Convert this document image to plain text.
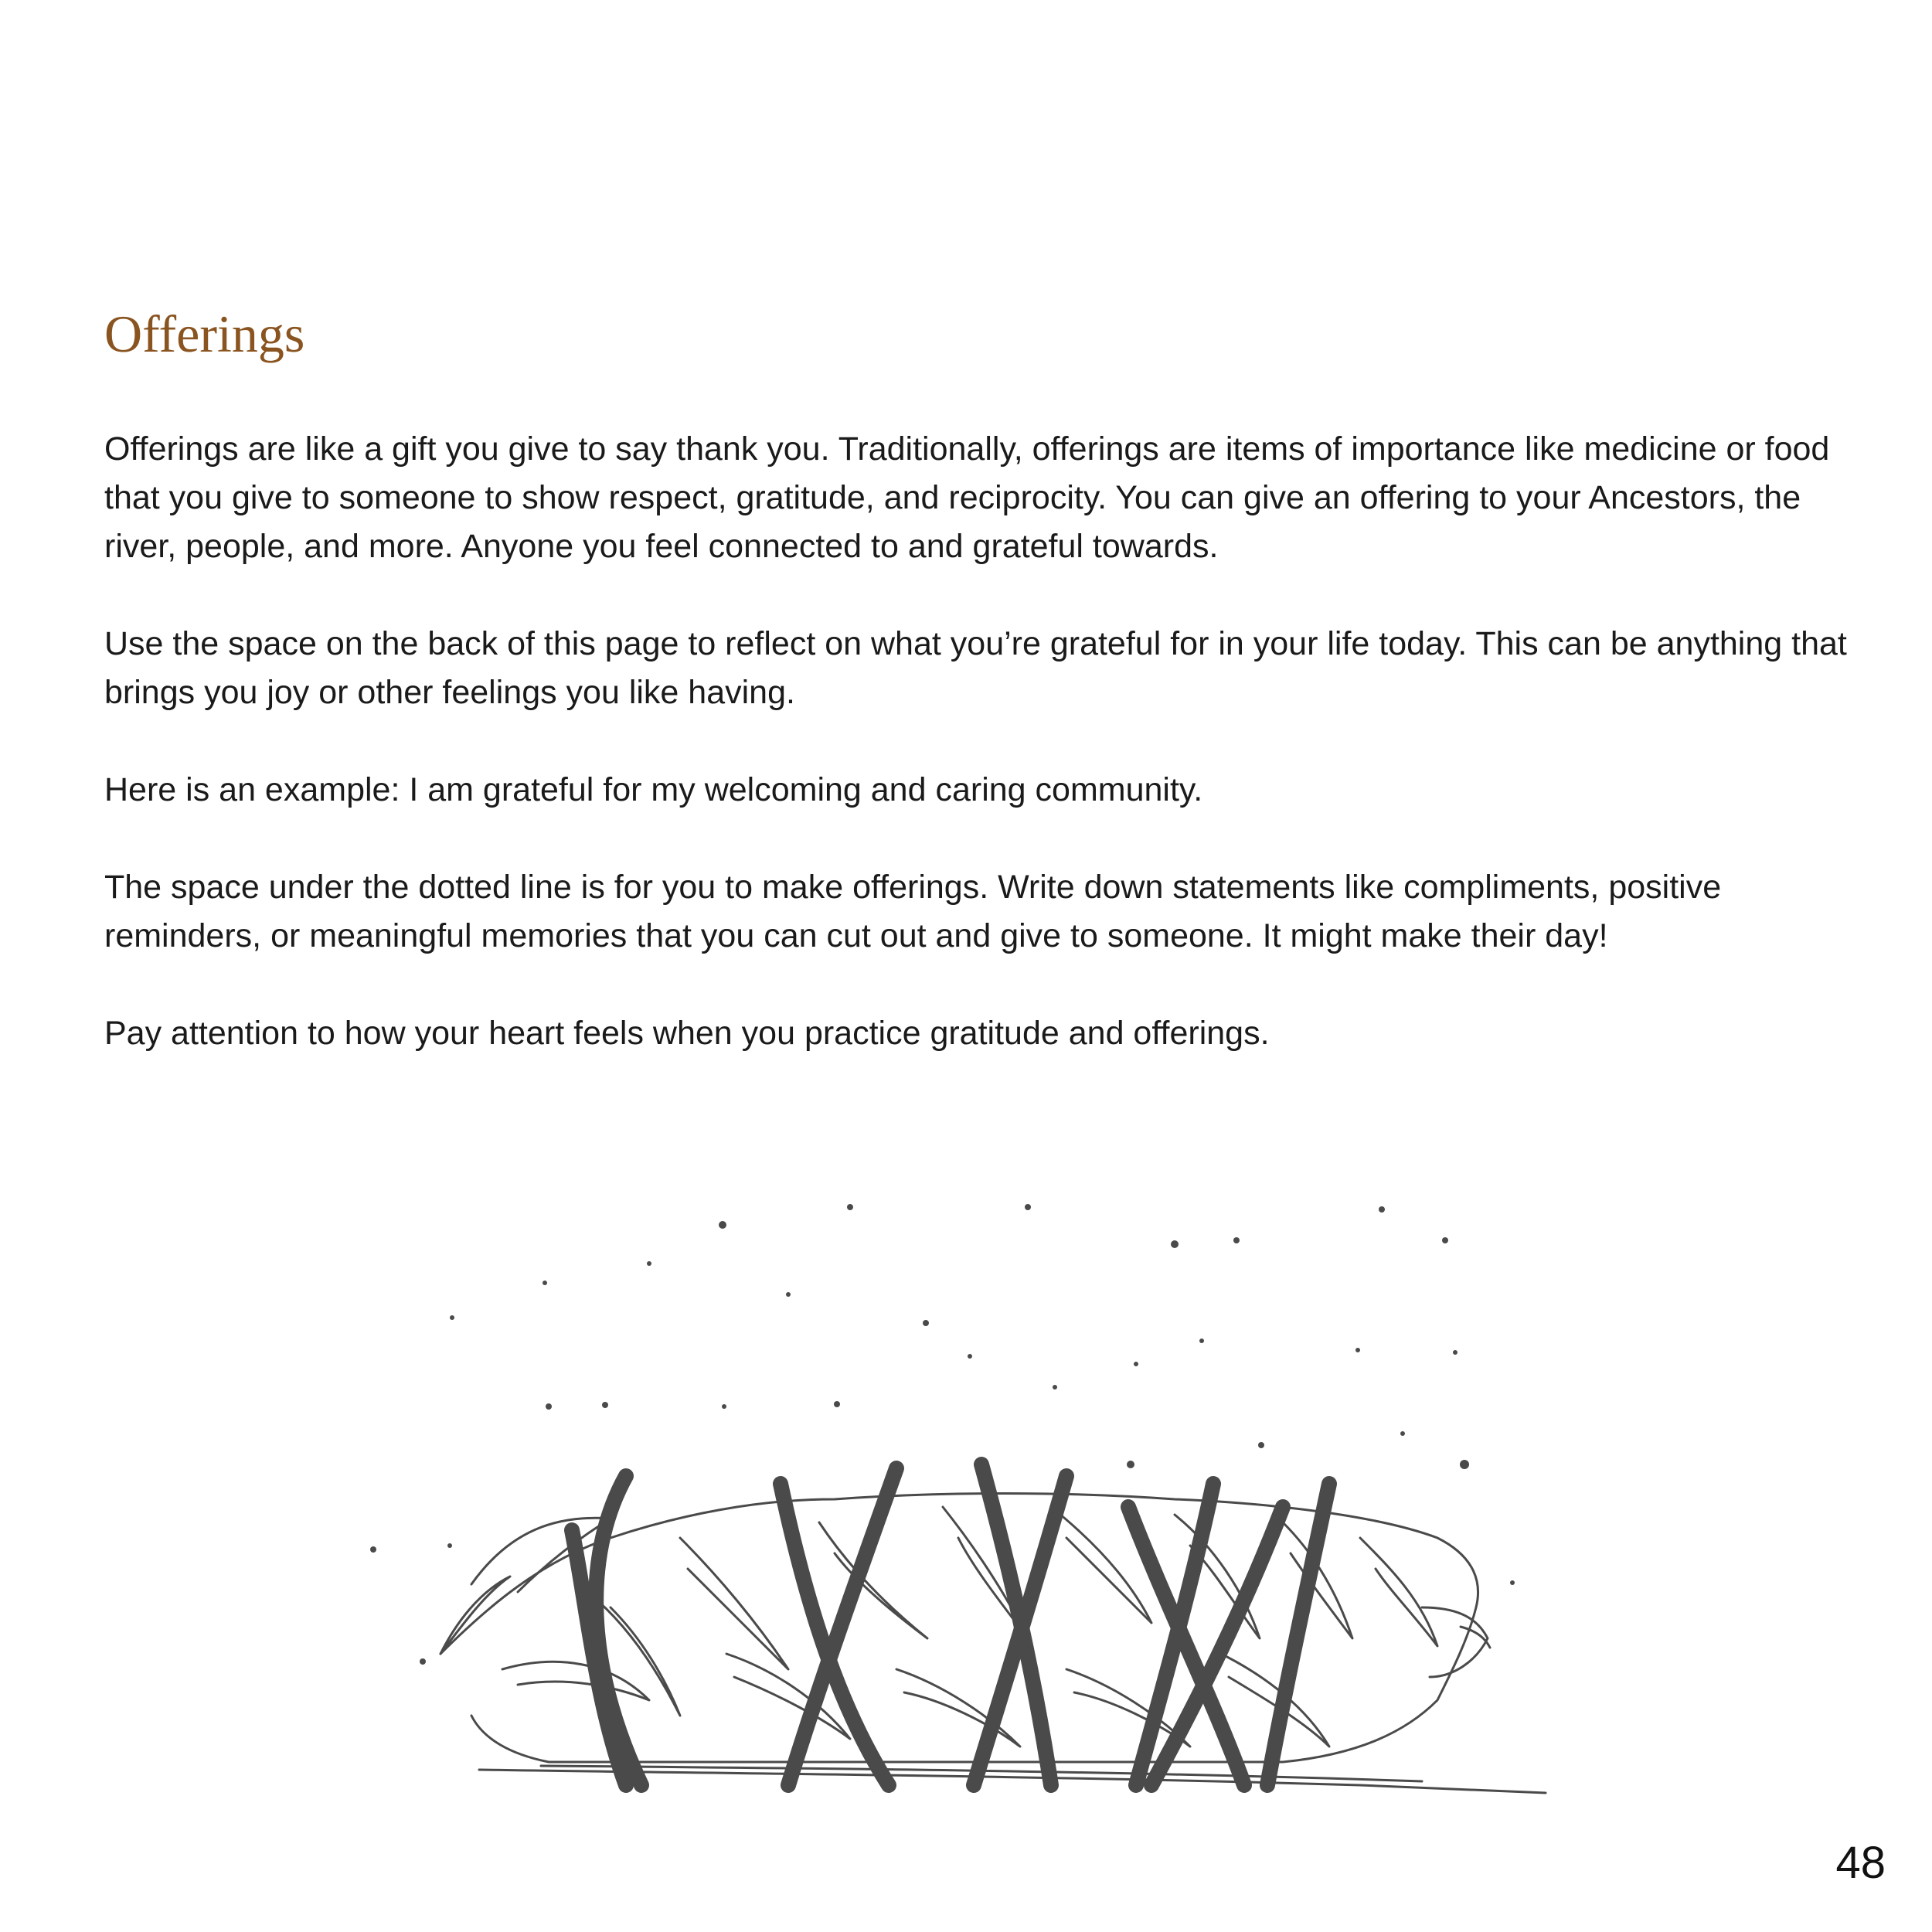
Offerings

Offerings are like a gift you give to say thank you. Traditionally, offerings are items of importance like medicine or food that you give to someone to show respect, gratitude, and reciprocity. You can give an offering to your Ancestors, the river, people, and more. Anyone you feel connected to and grateful towards.

Use the space on the back of this page to reflect on what you’re grateful for in your life today. This can be anything that brings you joy or other feelings you like having.

Here is an example: I am grateful for my welcoming and caring community.

The space under the dotted line is for you to make offerings. Write down statements like compliments, positive reminders, or meaningful memories that you can cut out and give to someone. It might make their day!

Pay attention to how your heart feels when you practice gratitude and offerings.

48
